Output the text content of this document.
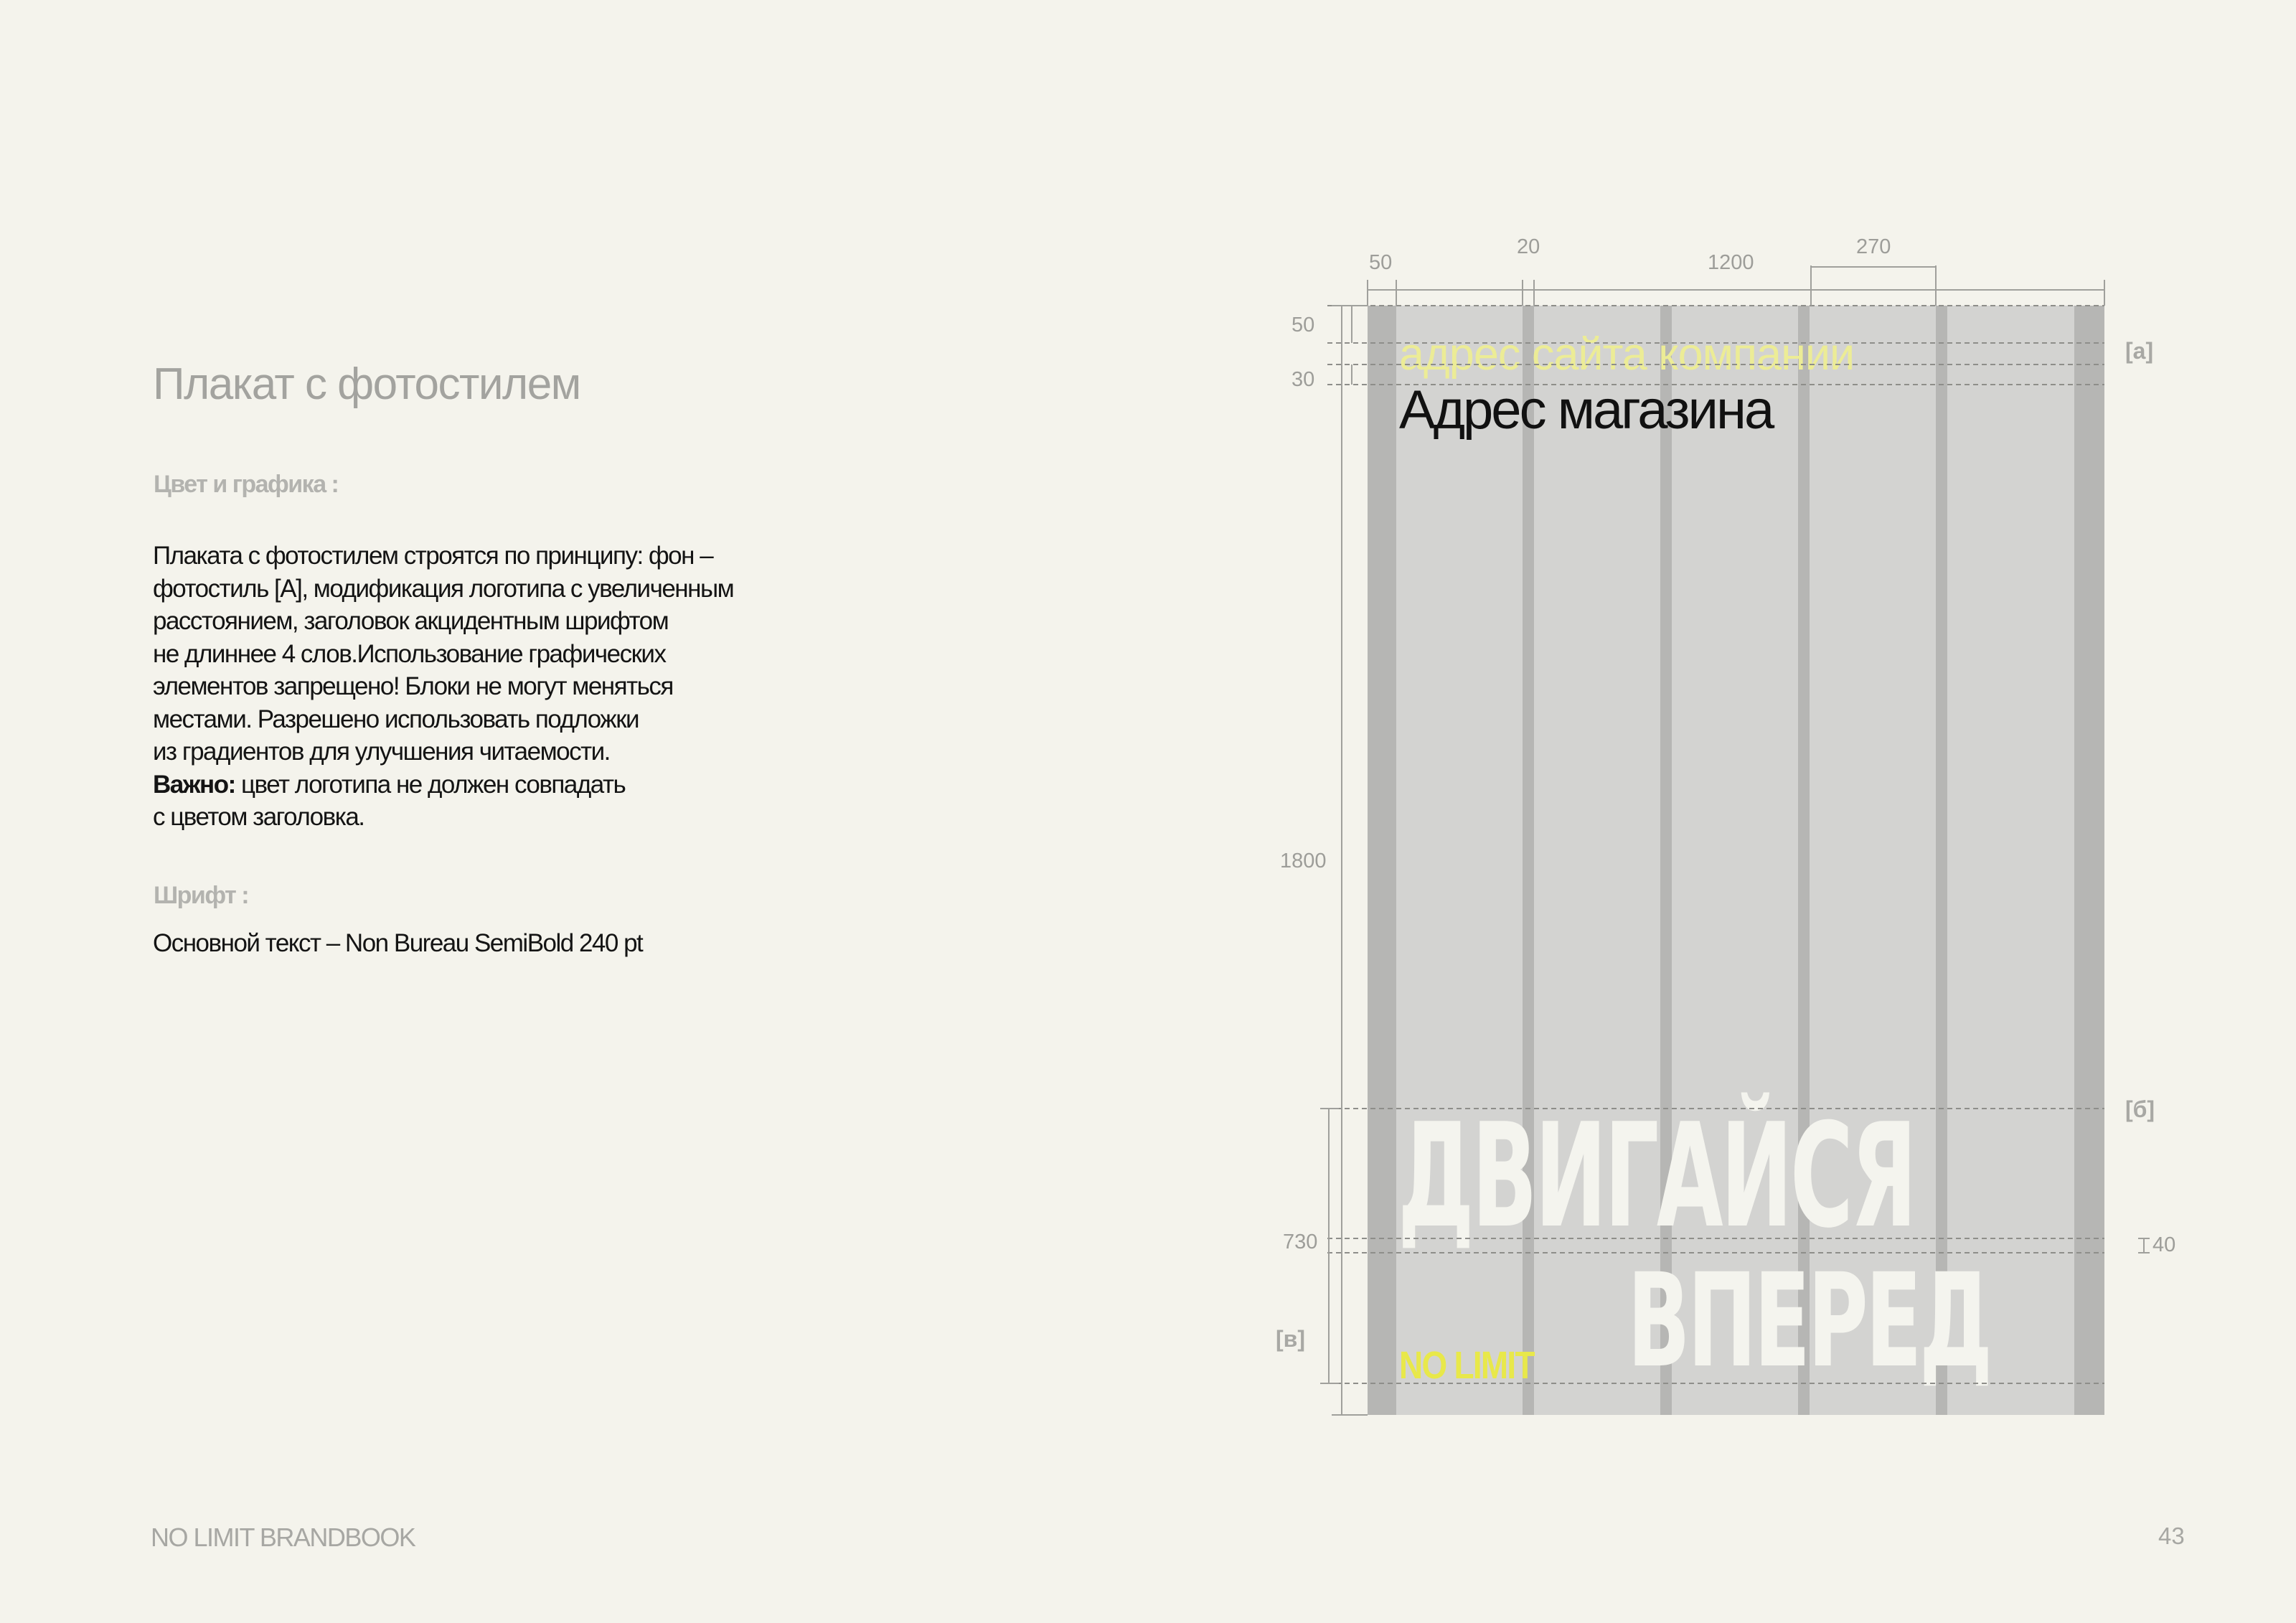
Плакат с фотостилем
Цвет и графика :
Плаката с фотостилем строятся по принципу: фон –
фотостиль [А], модификация логотипа с увеличенным
расстоянием, заголовок акцидентным шрифтом
не длиннее 4 слов.Использование графических
элементов запрещено! Блоки не могут меняться
местами. Разрешено использовать подложки
из градиентов для улучшения читаемости.
Важно: цвет логотипа не должен совпадать
с цветом заголовка.
Шрифт :
Основной текст – Non Bureau SemiBold 240 pt
адрес сайта компании
Адрес магазина
ДВИГАЙСЯ
ВПЕРЕД
NO LIMIT
50
20
1200
270
50
30
1800
730	40
[а]
[б]
[в]
NO LIMIT BRANDBOOK	43
